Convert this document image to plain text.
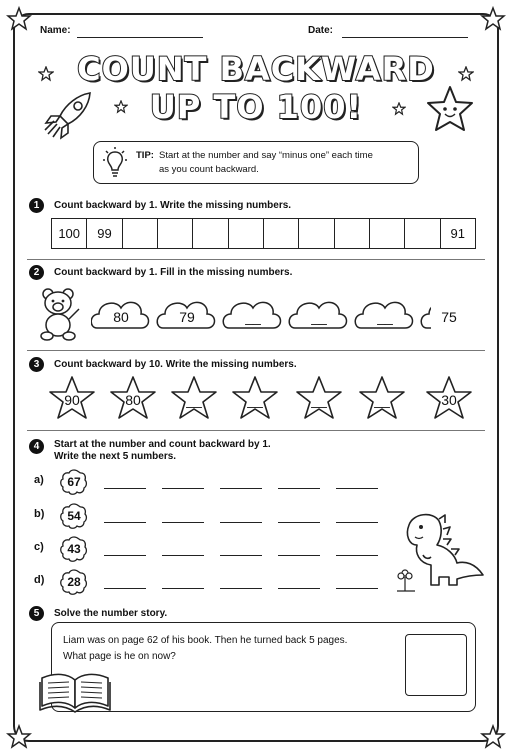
Name:	Date:
COUNT BACKWARD
UP TO 100!
TIP: Start at the number and say “minus one” each time
as you count backward.
1	Count backward by 1. Write the missing numbers.
100	99	91
2	Count backward by 1. Fill in the missing numbers.
80	79	__	__	__	75
3	Count backward by 10. Write the missing numbers.
90	80	__	__	__	__	30
4	Start at the number and count backward by 1.
Write the next 5 numbers.
a)	67
b)	54
c)	43
d)	28
5	Solve the number story.
Liam was on page 62 of his book. Then he turned back 5 pages.
What page is he on now?
